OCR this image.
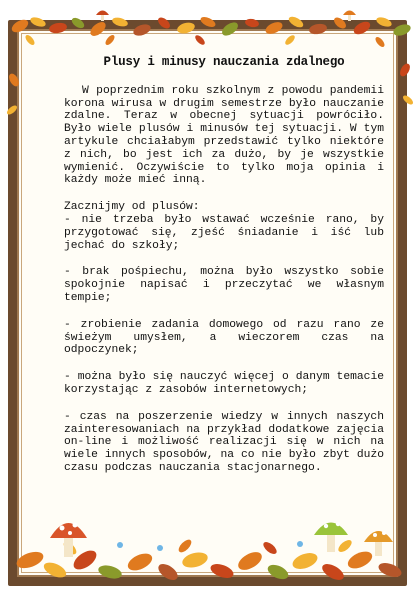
Plusy i minusy nauczania zdalnego

W poprzednim roku szkolnym z powodu pandemii korona wirusa w drugim semestrze było nauczanie zdalne. Teraz w obecnej sytuacji powróciło. Było wiele plusów i minusów tej sytuacji. W tym artykule chciałabym przedstawić tylko niektóre z nich, bo jest ich za dużo, by je wszystkie wymienić. Oczywiście to tylko moja opinia i każdy może mieć inną.

Zacznijmy od plusów:

- nie trzeba było wstawać wcześnie rano, by przygotować się, zjeść śniadanie i iść lub jechać do szkoły;

- brak pośpiechu, można było wszystko sobie spokojnie napisać i przeczytać we własnym tempie;

- zrobienie zadania domowego od razu rano ze świeżym umysłem, a wieczorem czas na odpoczynek;

- można było się nauczyć więcej o danym temacie korzystając z zasobów internetowych;

- czas na poszerzenie wiedzy w innych naszych zainteresowaniach na przykład dodatkowe zajęcia on-line i możliwość realizacji się w nich na wiele innych sposobów, na co nie było zbyt dużo czasu podczas nauczania stacjonarnego.
